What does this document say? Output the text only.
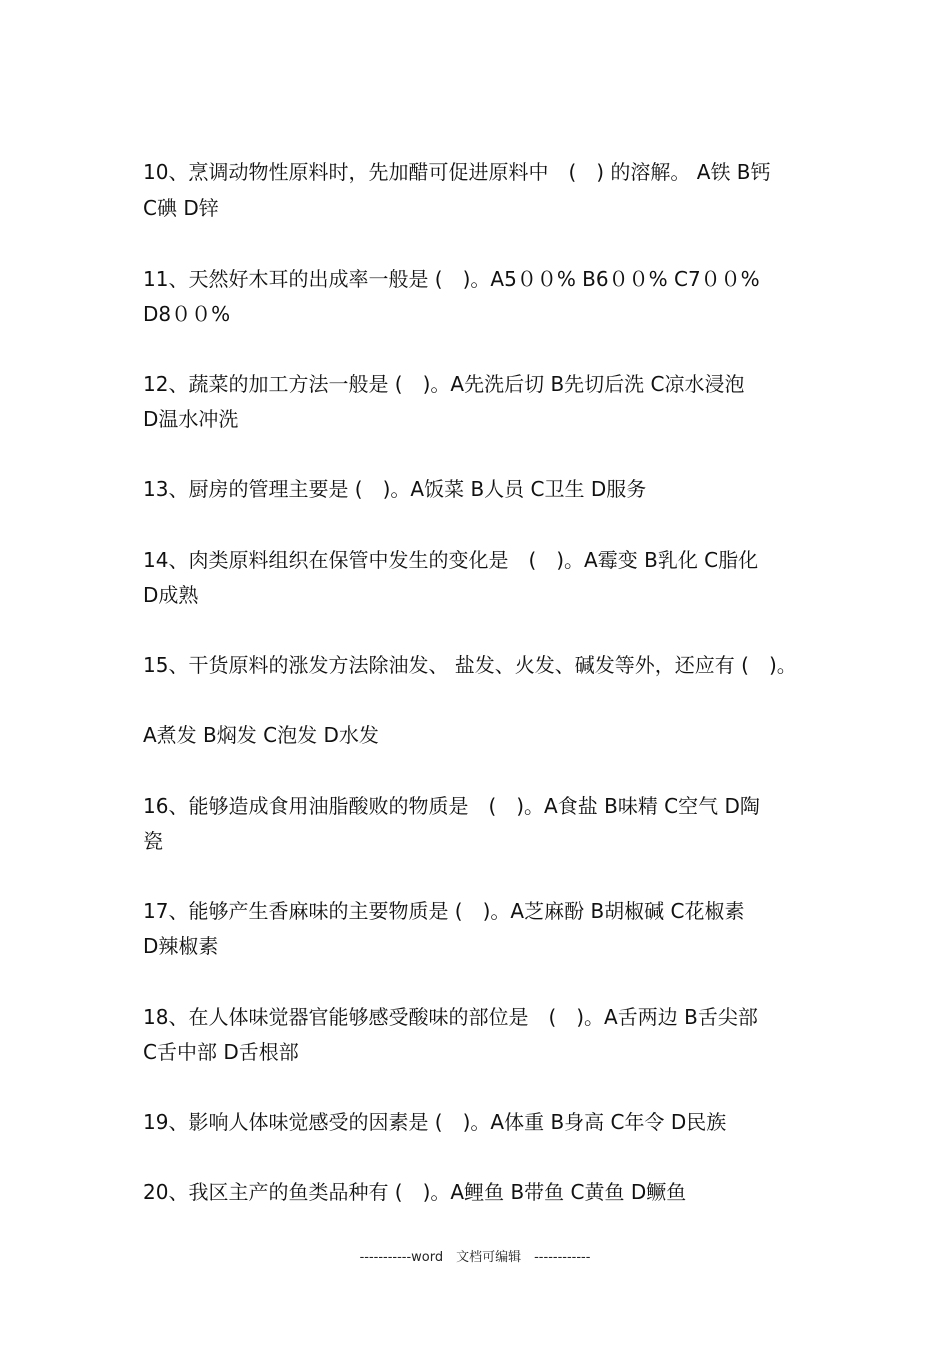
10、烹调动物性原料时，先加醋可促进原料中　(　) 的溶解。 A铁 B钙
C碘 D锌
11、天然好木耳的出成率一般是 (　)。A5００% B6００% C7００%
D8００%
12、蔬菜的加工方法一般是 (　)。A先洗后切 B先切后洗 C凉水浸泡
D温水冲洗
13、厨房的管理主要是 (　)。A饭菜 B人员 C卫生 D服务
14、肉类原料组织在保管中发生的变化是　(　)。A霉变 B乳化 C脂化
D成熟
15、干货原料的涨发方法除油发、 盐发、火发、碱发等外，还应有 (　)。
A煮发 B焖发 C泡发 D水发
16、能够造成食用油脂酸败的物质是　(　)。A食盐 B味精 C空气 D陶
瓷
17、能够产生香麻味的主要物质是 (　)。A芝麻酚 B胡椒碱 C花椒素
D辣椒素
18、在人体味觉器官能够感受酸味的部位是　(　)。A舌两边 B舌尖部
C舌中部 D舌根部
19、影响人体味觉感受的因素是 (　)。A体重 B身高 C年令 D民族
20、我区主产的鱼类品种有 (　)。A鲤鱼 B带鱼 C黄鱼 D鳜鱼
-----------word　文档可编辑　------------
